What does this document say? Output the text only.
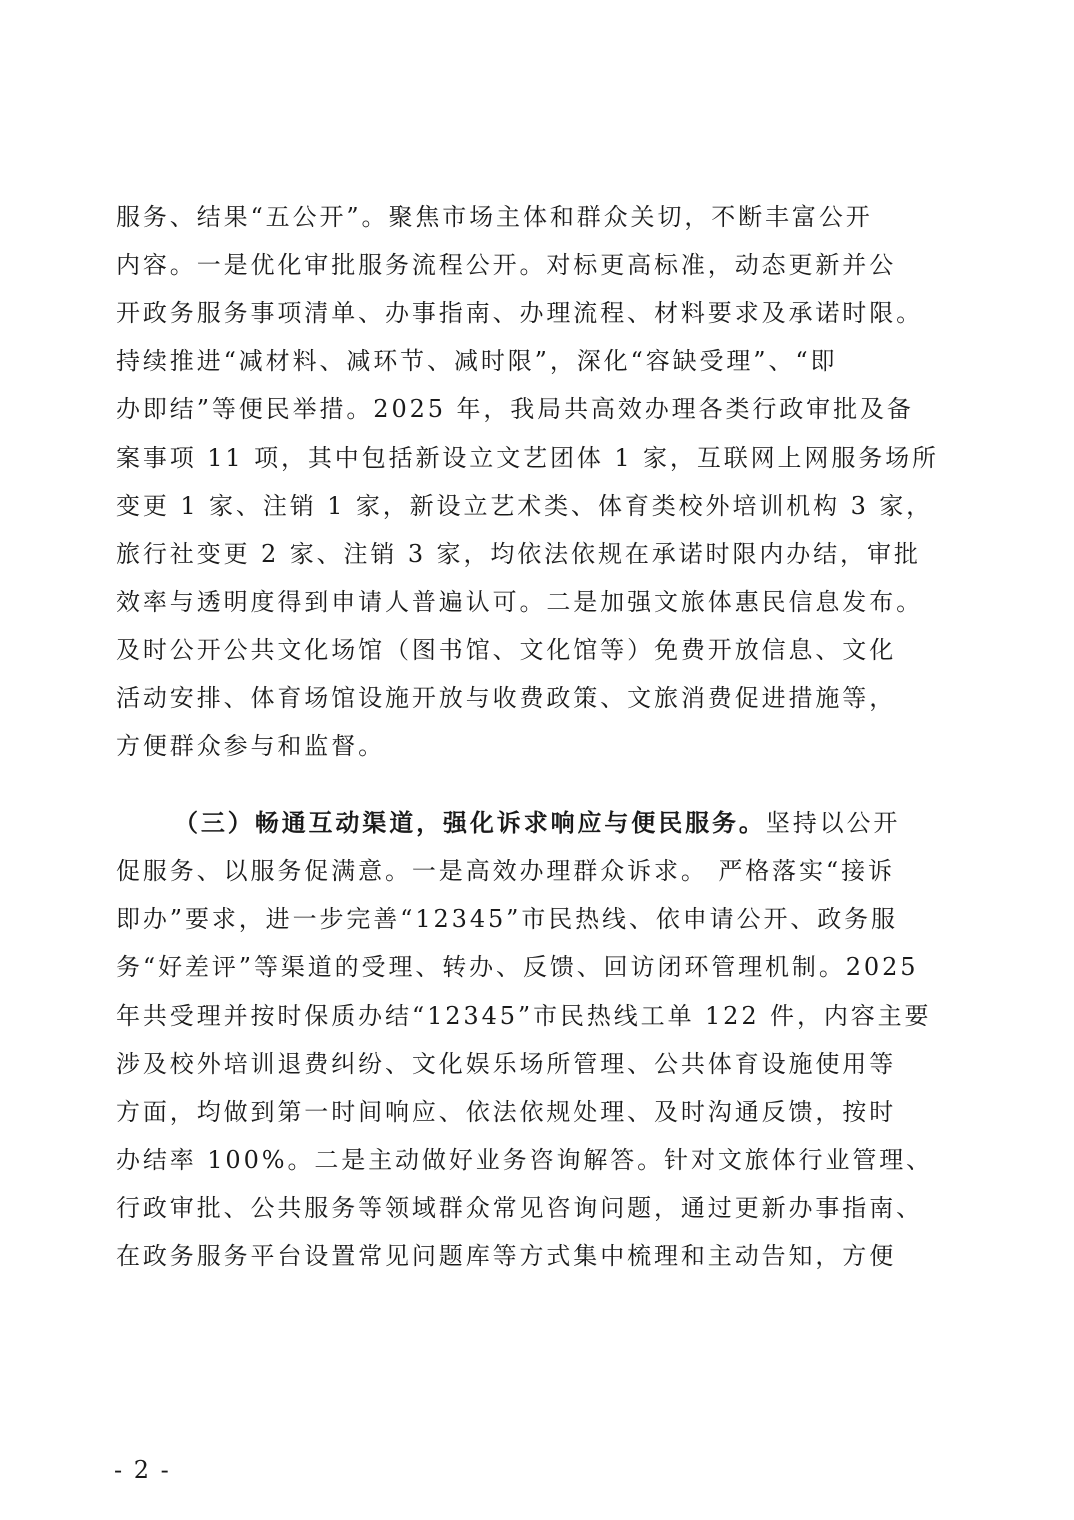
服务、结果“五公开”。聚焦市场主体和群众关切，不断丰富公开
内容。一是优化审批服务流程公开。对标更高标准，动态更新并公
开政务服务事项清单、办事指南、办理流程、材料要求及承诺时限。
持续推进“减材料、减环节、减时限”，深化“容缺受理”、“即
办即结”等便民举措。2025 年，我局共高效办理各类行政审批及备
案事项 11 项，其中包括新设立文艺团体 1 家，互联网上网服务场所
变更 1 家、注销 1 家，新设立艺术类、体育类校外培训机构 3 家，
旅行社变更 2 家、注销 3 家，均依法依规在承诺时限内办结，审批
效率与透明度得到申请人普遍认可。二是加强文旅体惠民信息发布。
及时公开公共文化场馆（图书馆、文化馆等）免费开放信息、文化
活动安排、体育场馆设施开放与收费政策、文旅消费促进措施等，
方便群众参与和监督。
（三）畅通互动渠道，强化诉求响应与便民服务。坚持以公开
促服务、以服务促满意。一是高效办理群众诉求。 严格落实“接诉
即办”要求，进一步完善“12345”市民热线、依申请公开、政务服
务“好差评”等渠道的受理、转办、反馈、回访闭环管理机制。2025
年共受理并按时保质办结“12345”市民热线工单 122 件，内容主要
涉及校外培训退费纠纷、文化娱乐场所管理、公共体育设施使用等
方面，均做到第一时间响应、依法依规处理、及时沟通反馈，按时
办结率 100%。二是主动做好业务咨询解答。针对文旅体行业管理、
行政审批、公共服务等领域群众常见咨询问题，通过更新办事指南、
在政务服务平台设置常见问题库等方式集中梳理和主动告知，方便
- 2 -
